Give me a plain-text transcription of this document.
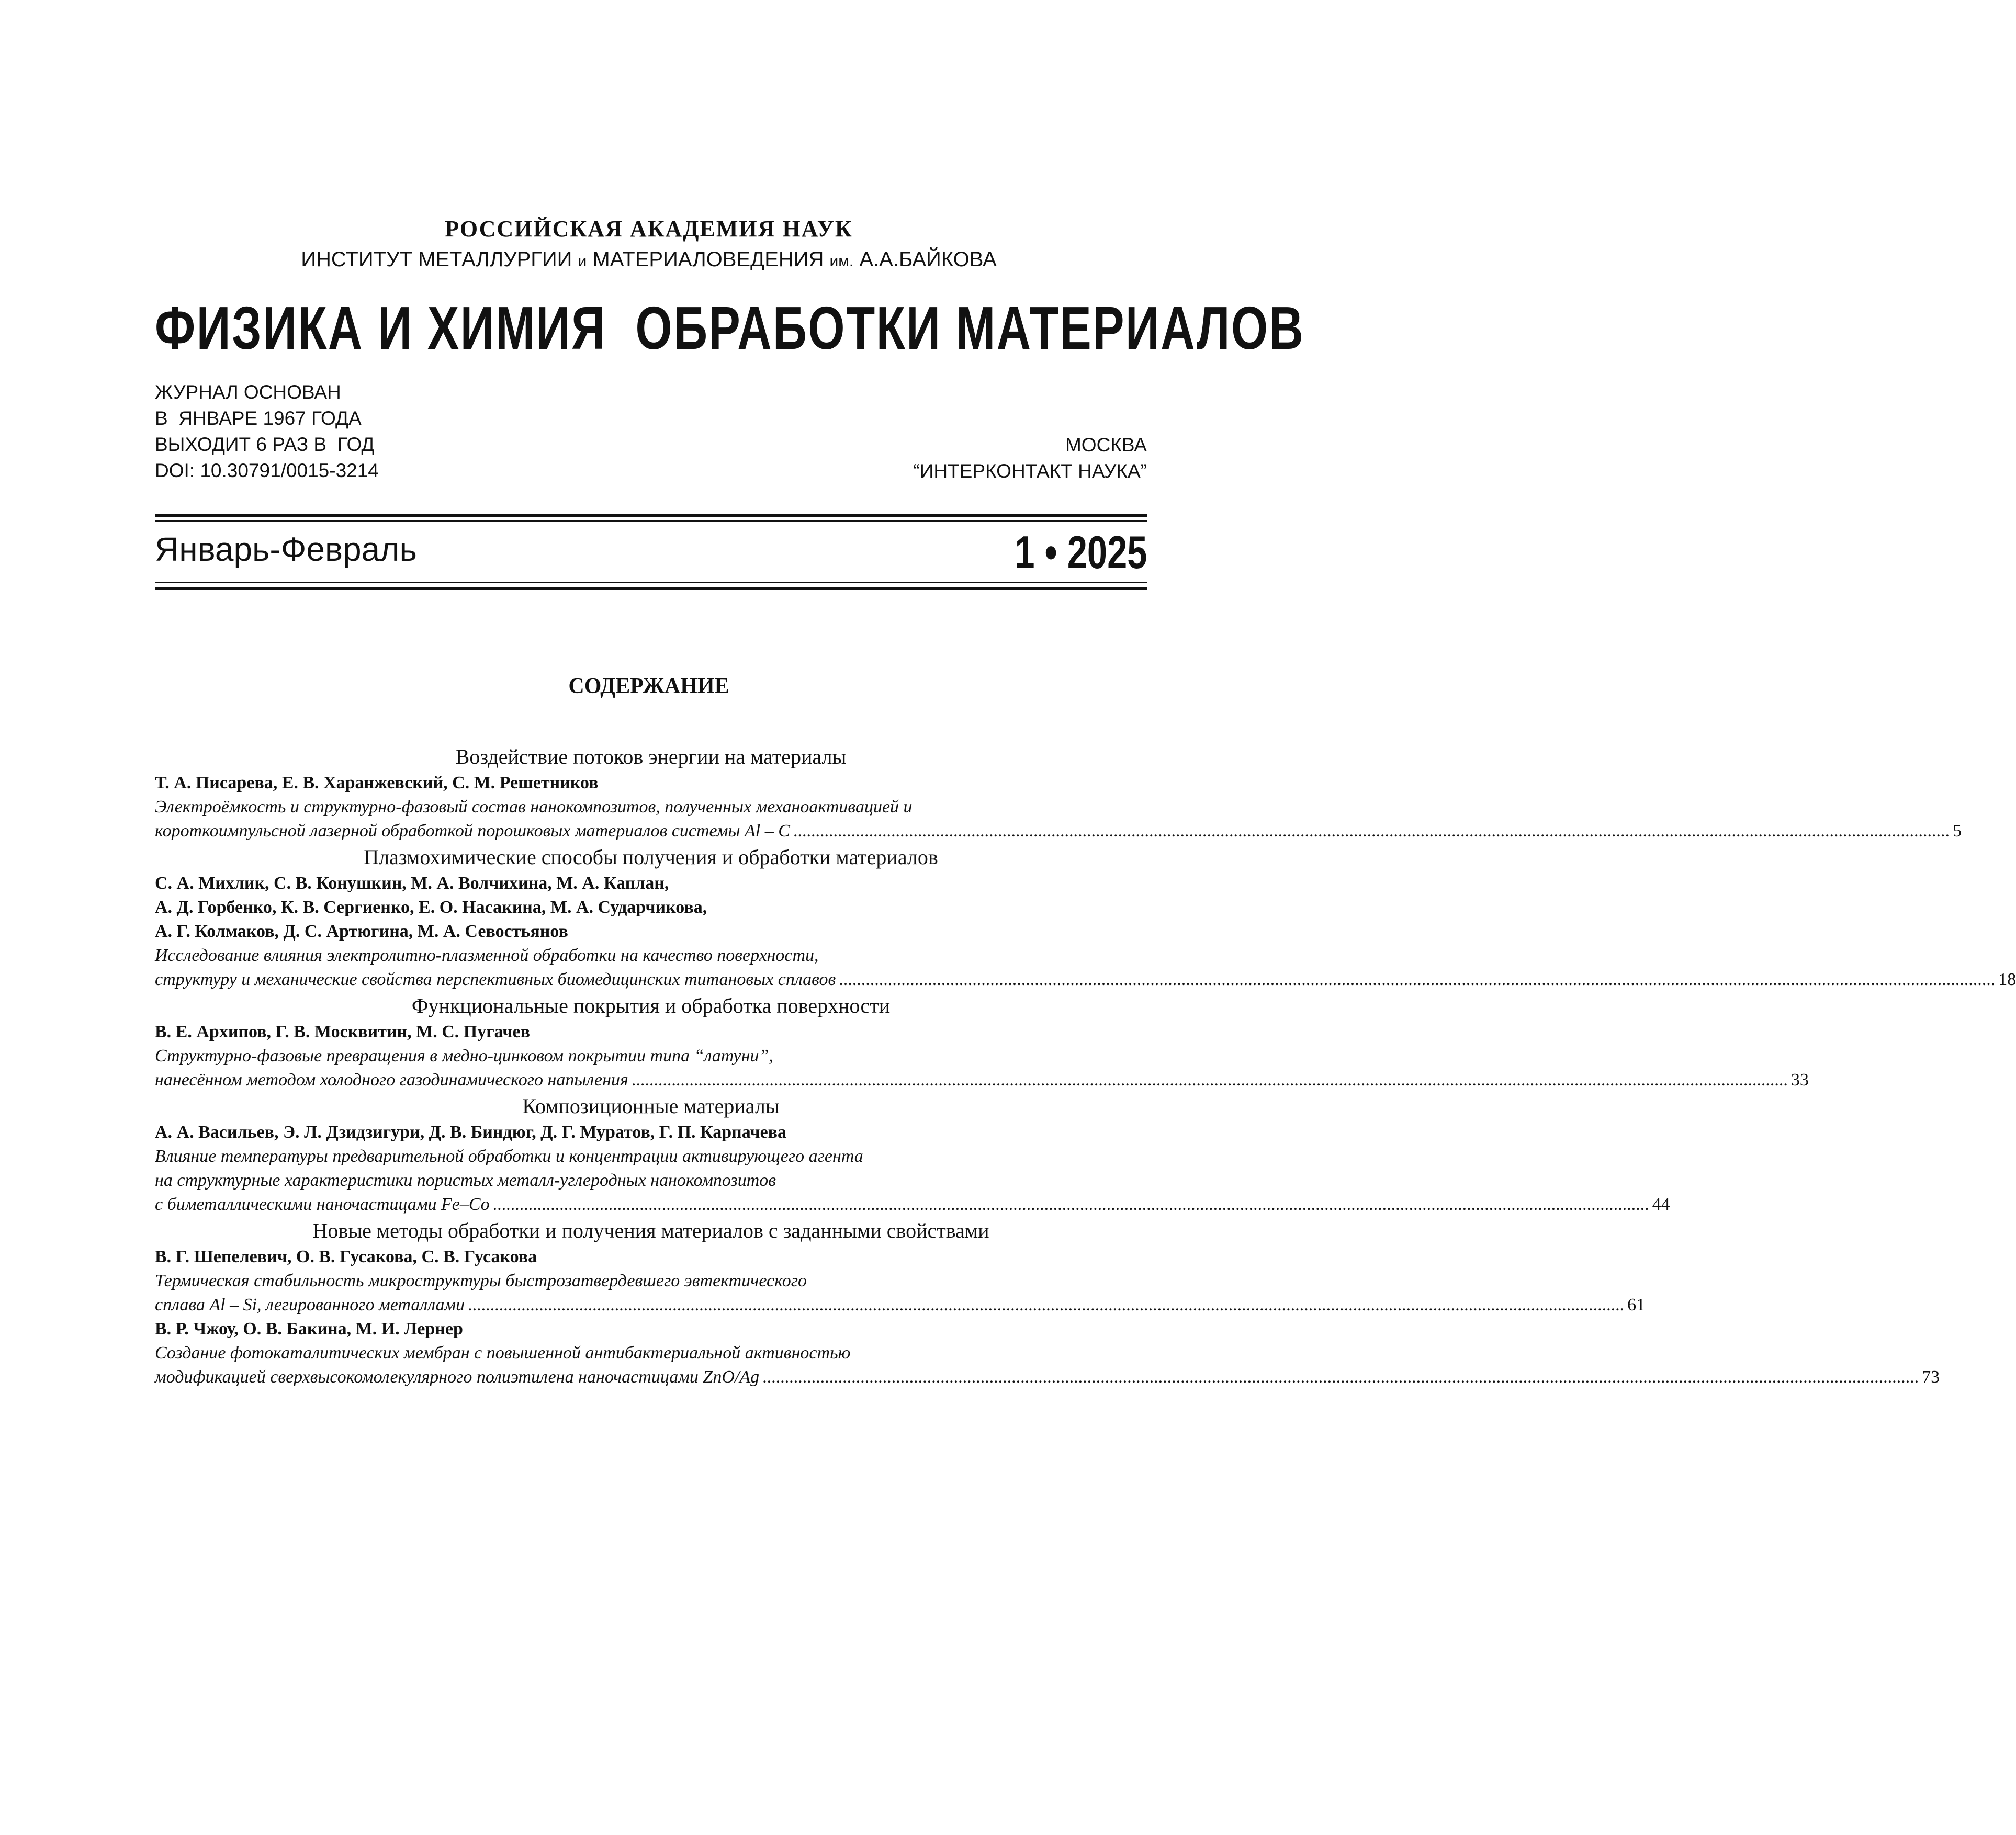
РОССИЙСКАЯ АКАДЕМИЯ НАУК
ИНСТИТУТ МЕТАЛЛУРГИИ и МАТЕРИАЛОВЕДЕНИЯ им. А.А.БАЙКОВА
ФИЗИКА И ХИМИЯ  ОБРАБОТКИ МАТЕРИАЛОВ
ЖУРНАЛ ОСНОВАН
В  ЯНВАРЕ 1967 ГОДА
ВЫХОДИТ 6 РАЗ В  ГОД
DOI: 10.30791/0015-3214
МОСКВА
“ИНТЕРКОНТАКТ НАУКА”
Январь-Февраль	1 • 2025
СОДЕРЖАНИЕ
Воздействие потоков энергии на материалы
Т. А. Писарева, Е. В. Харанжевский, С. М. Решетников
Электроёмкость и структурно-фазовый состав нанокомпозитов, полученных механоактивацией и
короткоимпульсной лазерной обработкой порошковых материалов системы Al – C .................................................................................................................................................................................................................................................................... 5
Плазмохимические способы получения и обработки материалов
С. А. Михлик, С. В. Конушкин, М. А. Волчихина, М. А. Каплан,
А. Д. Горбенко, К. В. Сергиенко, Е. О. Насакина, М. А. Сударчикова,
А. Г. Колмаков, Д. С. Артюгина, М. А. Севостьянов
Исследование влияния электролитно-плазменной обработки на качество поверхности,
структуру и механические свойства перспективных биомедицинских титановых сплавов .................................................................................................................................................................................................................................................................... 18
Функциональные покрытия и обработка поверхности
В. Е. Архипов, Г. В. Москвитин, М. С. Пугачев
Структурно-фазовые превращения в медно-цинковом покрытии типа “латуни”,
нанесённом методом холодного газодинамического напыления .................................................................................................................................................................................................................................................................... 33
Композиционные материалы
А. А. Васильев, Э. Л. Дзидзигури, Д. В. Биндюг, Д. Г. Муратов, Г. П. Карпачева
Влияние температуры предварительной обработки и концентрации активирующего агента
на структурные характеристики пористых металл-углеродных нанокомпозитов
с биметаллическими наночастицами Fe–Co .................................................................................................................................................................................................................................................................... 44
Новые методы обработки и получения материалов с заданными свойствами
В. Г. Шепелевич, О. В. Гусакова, С. В. Гусакова
Термическая стабильность микроструктуры быстрозатвердевшего эвтектического
сплава Al – Si, легированного металлами .................................................................................................................................................................................................................................................................... 61
В. Р. Чжоу, О. В. Бакина, М. И. Лернер
Создание фотокаталитических мембран с повышенной антибактериальной активностью
модификацией сверхвысокомолекулярного полиэтилена наночастицами ZnO/Ag .................................................................................................................................................................................................................................................................... 73
